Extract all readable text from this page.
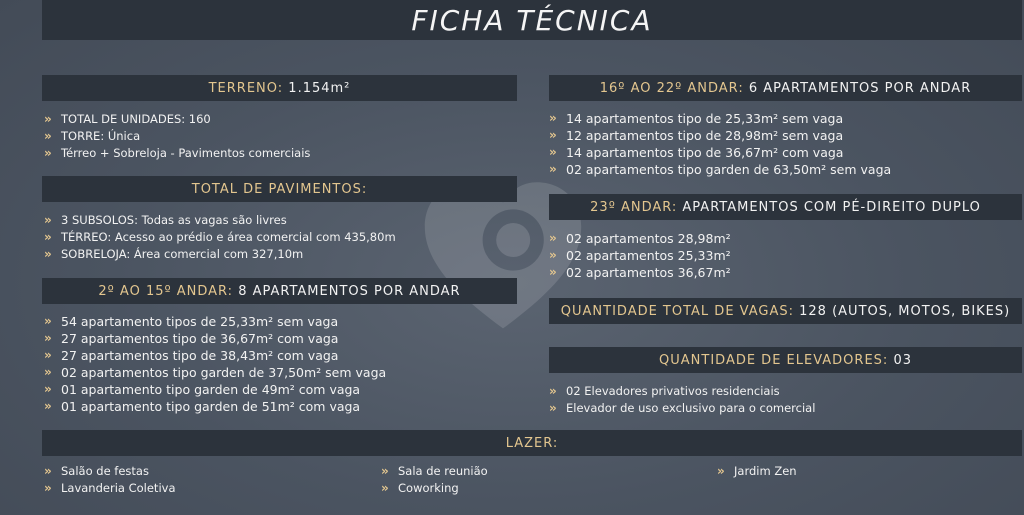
FICHA TÉCNICA
TERRENO:
1.154m²
» TOTAL DE UNIDADES: 160
» TORRE: Única
» Térreo + Sobreloja - Pavimentos comerciais
TOTAL DE PAVIMENTOS:
» 3 SUBSOLOS: Todas as vagas são livres
» TÉRREO: Acesso ao prédio e área comercial com 435,80m
» SOBRELOJA: Área comercial com 327,10m
2º AO 15º ANDAR:
8 APARTAMENTOS POR ANDAR
» 54 apartamento tipos de 25,33m² sem vaga
» 27 apartamentos tipo de 36,67m² com vaga
» 27 apartamentos tipo de 38,43m² com vaga
» 02 apartamentos tipo garden de 37,50m² sem vaga
» 01 apartamento tipo garden de 49m² com vaga
» 01 apartamento tipo garden de 51m² com vaga
16º AO 22º ANDAR:
6 APARTAMENTOS POR ANDAR
» 14 apartamentos tipo de 25,33m² sem vaga
» 12 apartamentos tipo de 28,98m² sem vaga
» 14 apartamentos tipo de 36,67m² com vaga
» 02 apartamentos tipo garden de 63,50m² sem vaga
23º ANDAR:
APARTAMENTOS COM PÉ-DIREITO DUPLO
» 02 apartamentos 28,98m²
» 02 apartamentos 25,33m²
» 02 apartamentos 36,67m²
QUANTIDADE TOTAL DE VAGAS:
128 (AUTOS, MOTOS, BIKES)
QUANTIDADE DE ELEVADORES:
03
» 02 Elevadores privativos residenciais
» Elevador de uso exclusivo para o comercial
LAZER:
» Salão de festas
» Lavanderia Coletiva
» Sala de reunião
» Coworking
» Jardim Zen
